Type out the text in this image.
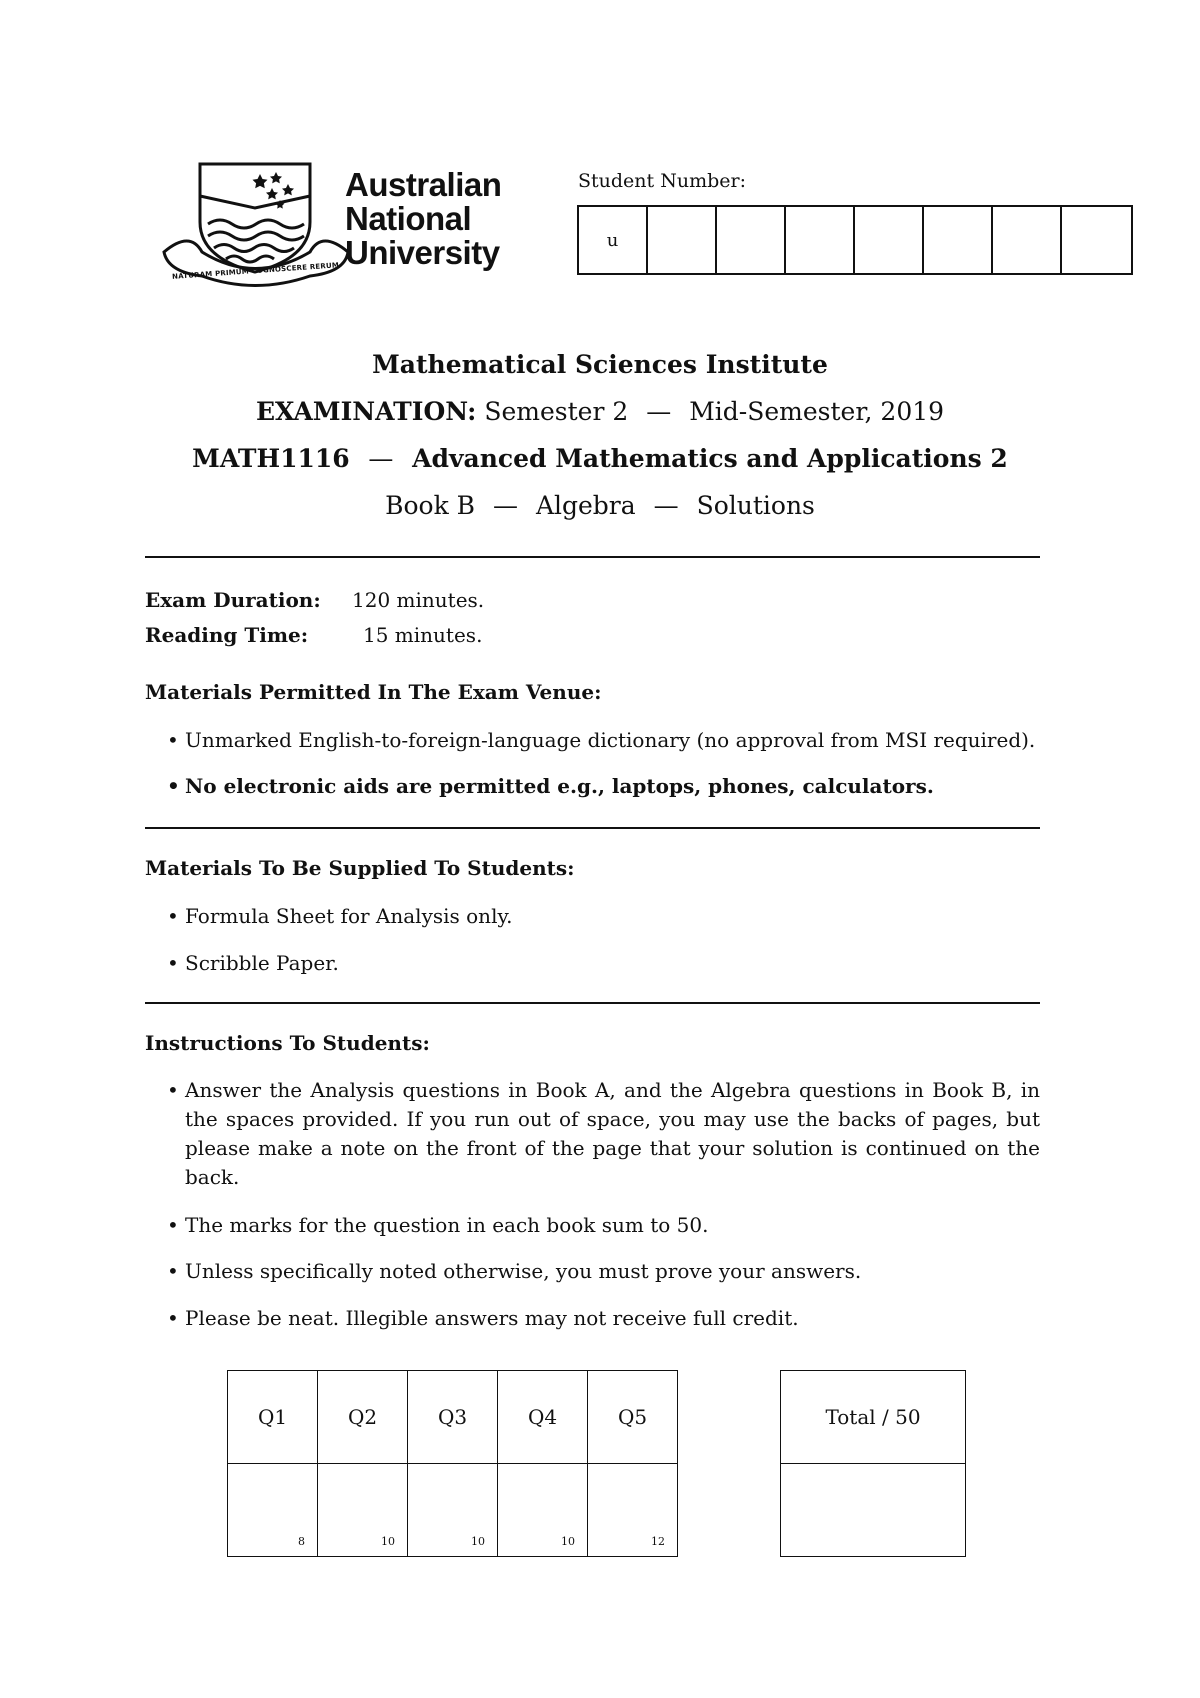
Australian
National
University
NATURAM PRIMUM COGNOSCERE RERUM
Student Number:
u
Mathematical Sciences Institute
EXAMINATION: Semester 2 — Mid-Semester, 2019
MATH1116 — Advanced Mathematics and Applications 2
Book B — Algebra — Solutions
Exam Duration: 120 minutes.
Reading Time:	15 minutes.
Materials Permitted In The Exam Venue:

• Unmarked English-to-foreign-language dictionary (no approval from MSI required).

• No electronic aids are permitted e.g., laptops, phones, calculators.

Materials To Be Supplied To Students:

• Formula Sheet for Analysis only.

• Scribble Paper.

Instructions To Students:

• Answer the Analysis questions in Book A, and the Algebra questions in Book B, in the spaces provided. If you run out of space, you may use the backs of pages, but please make a note on the front of the page that your solution is continued on the back.

• The marks for the question in each book sum to 50.

• Unless specifically noted otherwise, you must prove your answers.

• Please be neat. Illegible answers may not receive full credit.

Q1	Q2	Q3	Q4	Q5
8	10	10	10	12
Total / 50
